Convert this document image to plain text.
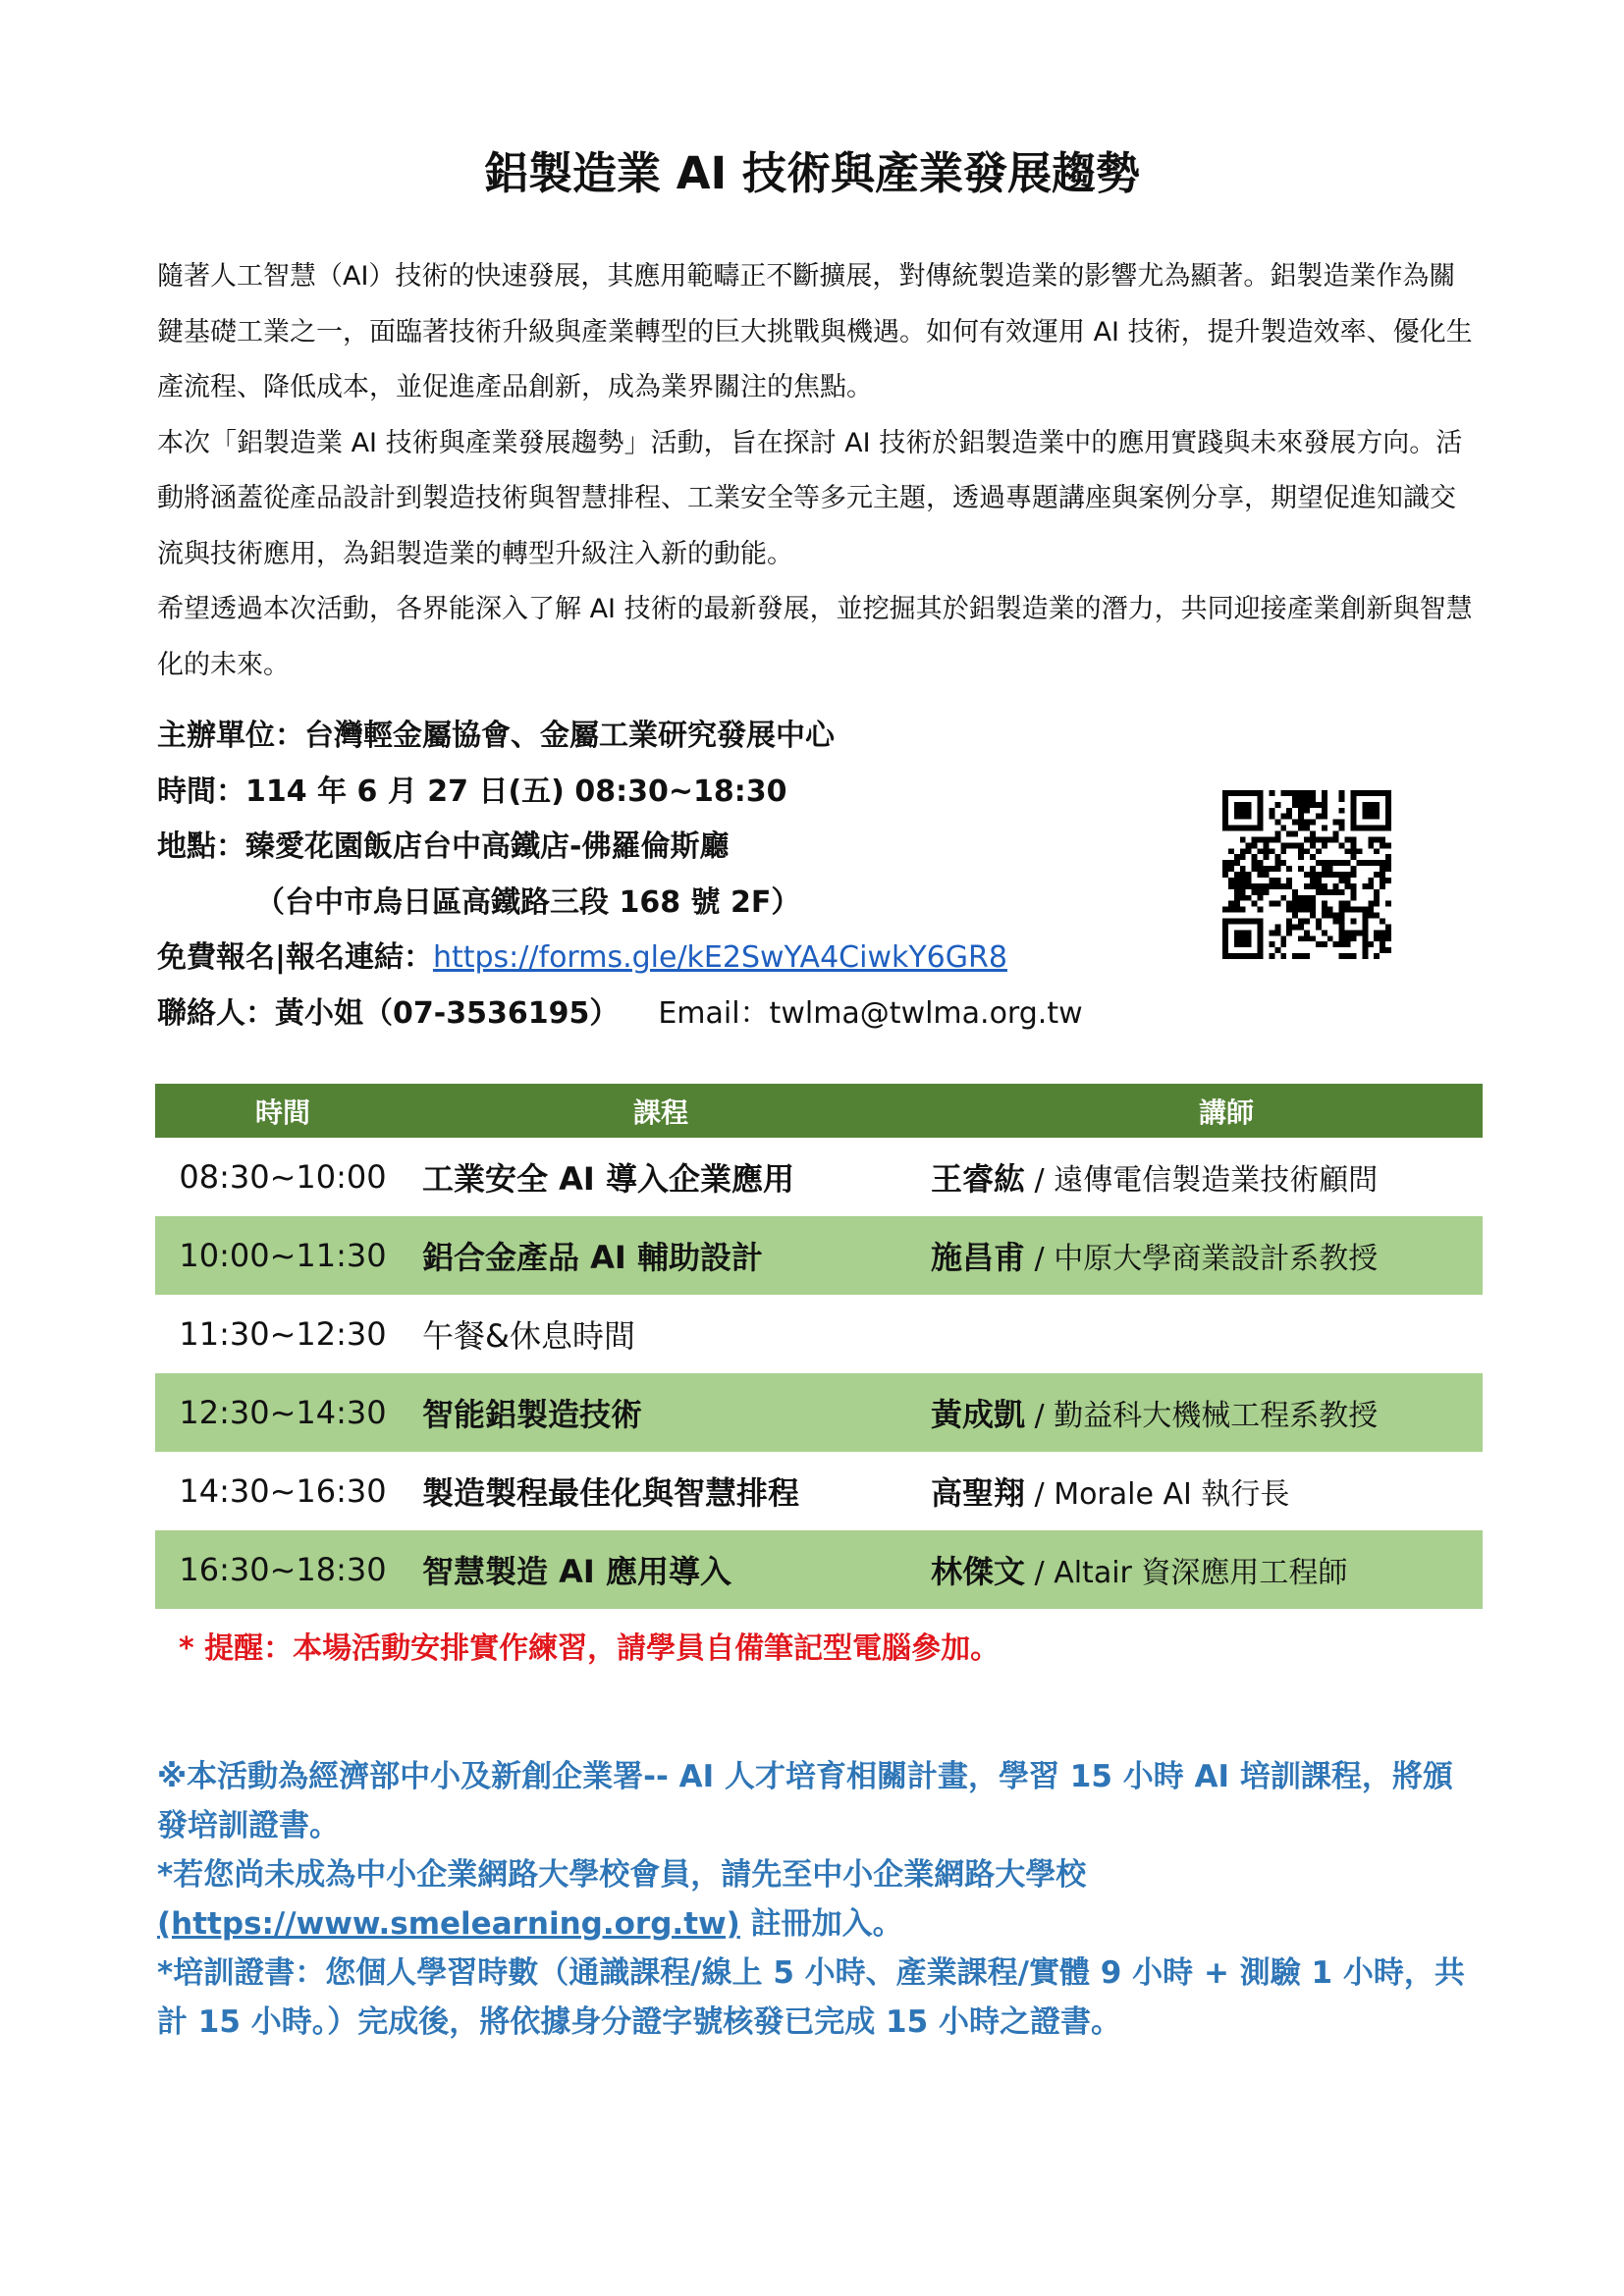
鋁製造業 AI 技術與產業發展趨勢

隨著人工智慧（AI）技術的快速發展，其應用範疇正不斷擴展，對傳統製造業的影響尤為顯著。鋁製造業作為關鍵基礎工業之一，面臨著技術升級與產業轉型的巨大挑戰與機遇。如何有效運用 AI 技術，提升製造效率、優化生產流程、降低成本，並促進產品創新，成為業界關注的焦點。

本次「鋁製造業 AI 技術與產業發展趨勢」活動，旨在探討 AI 技術於鋁製造業中的應用實踐與未來發展方向。活動將涵蓋從產品設計到製造技術與智慧排程、工業安全等多元主題，透過專題講座與案例分享，期望促進知識交流與技術應用，為鋁製造業的轉型升級注入新的動能。

希望透過本次活動，各界能深入了解 AI 技術的最新發展，並挖掘其於鋁製造業的潛力，共同迎接產業創新與智慧化的未來。

主辦單位：台灣輕金屬協會、金屬工業研究發展中心
時間：114 年 6 月 27 日(五) 08:30~18:30
地點：臻愛花園飯店台中高鐵店-佛羅倫斯廳
（台中市烏日區高鐵路三段 168 號 2F）
免費報名|報名連結：https://forms.gle/kE2SwYA4CiwkY6GR8
聯絡人：黃小姐（07-3536195） Email：twlma@twlma.org.tw
時間	課程	講師
08:30~10:00	工業安全 AI 導入企業應用	王睿紘 / 遠傳電信製造業技術顧問
10:00~11:30	鋁合金產品 AI 輔助設計	施昌甫 / 中原大學商業設計系教授
11:30~12:30	午餐&休息時間
12:30~14:30	智能鋁製造技術	黃成凱 / 勤益科大機械工程系教授
14:30~16:30	製造製程最佳化與智慧排程	高聖翔 / Morale AI 執行長
16:30~18:30	智慧製造 AI 應用導入	林傑文 / Altair 資深應用工程師
* 提醒：本場活動安排實作練習，請學員自備筆記型電腦參加。

※本活動為經濟部中小及新創企業署-- AI 人才培育相關計畫，學習 15 小時 AI 培訓課程，將頒發培訓證書。

*若您尚未成為中小企業網路大學校會員，請先至中小企業網路大學校
(https://www.smelearning.org.tw) 註冊加入。

*培訓證書：您個人學習時數（通識課程/線上 5 小時、產業課程/實體 9 小時 + 測驗 1 小時，共計 15 小時。）完成後，將依據身分證字號核發已完成 15 小時之證書。
